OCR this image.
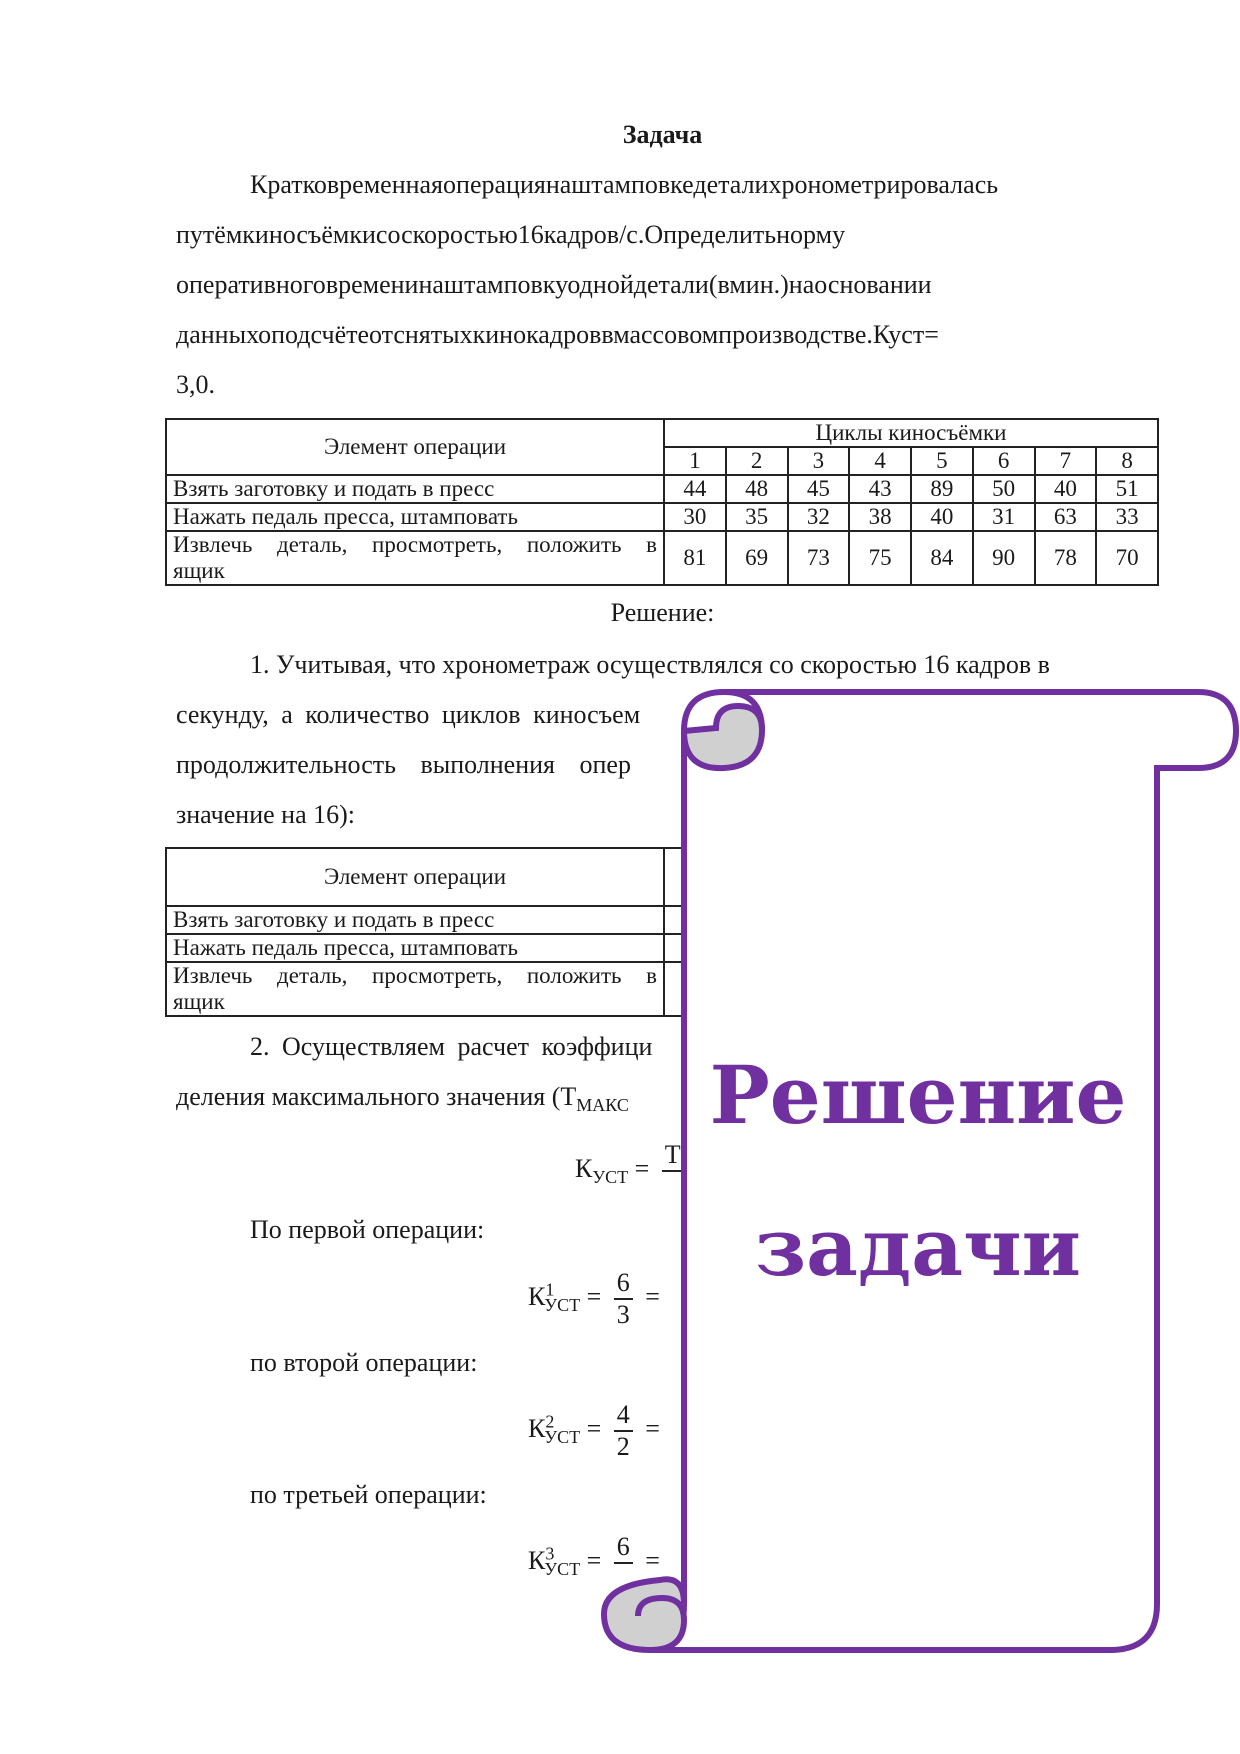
Задача
Кратковременнаяоперациянаштамповкедеталихронометрировалась
путёмкиносъёмкисоскоростью16кадров/с.Определитьнорму
оперативноговременинаштамповкуоднойдетали(вмин.)наосновании
данныхоподсчётеотснятыхкинокадроввмассовомпроизводстве.Куст=
3,0.
Элемент операции	Циклы киносъёмки							
	1	2	3	4	5	6	7	8
Взять заготовку и подать в пресс	44	48	45	43	89	50	40	51
Нажать педаль пресса, штамповать	30	35	32	38	40	31	63	33

Извлечь деталь, просмотреть, положить в
ящик	81	69	73	75	84	90	78	70
Решение:
1. Учитывая, что хронометраж осуществлялся со скоростью 16 кадров в
секунду, а количество циклов киносъем
продолжительность выполнения опер
значение на 16):
Элемент операции	
Взять заготовку и подать в пресс	
Нажать педаль пресса, штамповать	

Извлечь деталь, просмотреть, положить в
ящик	

2. Осуществляем расчет коэффици
деления максимального значения ($Т_{МАКС}$
$К_{УСТ} = Т$

По первой операции:
$К^1_{УСТ} = \frac{6}{3}$ =
по второй операции:
$К^2_{УСТ} = \frac{4}{2}$ =
по третьей операции:
$К^3_{УСТ} = 6$
=
Решение
задачи
